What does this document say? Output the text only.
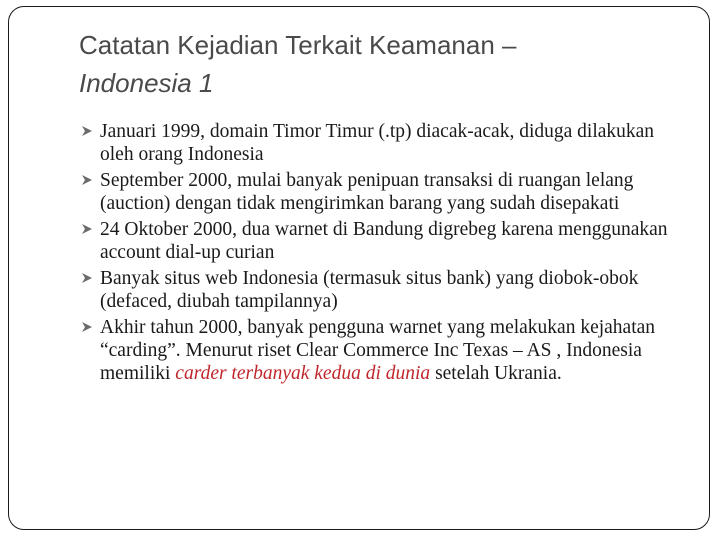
Catatan Kejadian Terkait Keamanan –
Indonesia 1
Januari 1999, domain Timor Timur (.tp) diacak-acak, diduga dilakukan oleh orang Indonesia
September 2000, mulai banyak penipuan transaksi di ruangan lelang (auction) dengan tidak mengirimkan barang yang sudah disepakati
24 Oktober 2000, dua warnet di Bandung digrebeg karena menggunakan account dial-up curian
Banyak situs web Indonesia (termasuk situs bank) yang diobok-obok (defaced, diubah tampilannya)
Akhir tahun 2000, banyak pengguna warnet yang melakukan kejahatan “carding”. Menurut riset Clear Commerce Inc Texas – AS , Indonesia memiliki carder terbanyak kedua di dunia setelah Ukrania.
